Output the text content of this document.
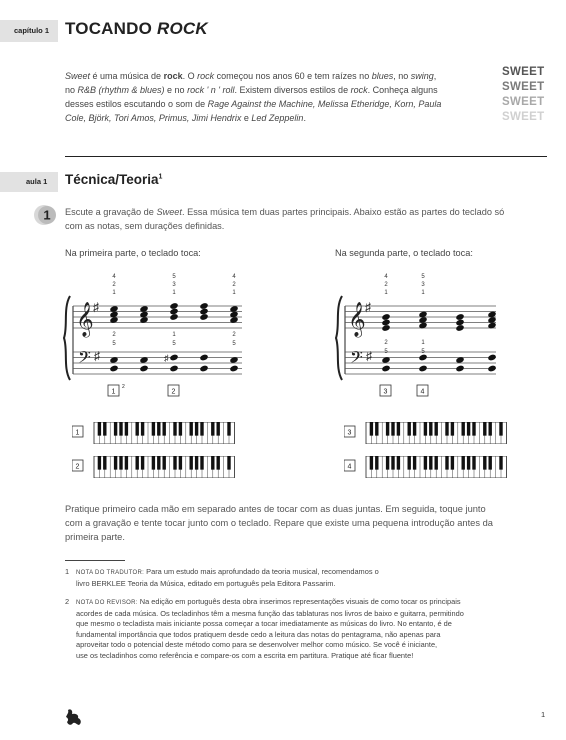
capítulo 1 TOCANDO ROCK
Sweet é uma música de rock. O rock começou nos anos 60 e tem raízes no blues, no swing,
no R&B (rhythm & blues) e no rock ' n ' roll. Existem diversos estilos de rock. Conheça alguns
desses estilos escutando o som de Rage Against the Machine, Melissa Etheridge, Korn, Paula
Cole, Björk, Tori Amos, Primus, Jimi Hendrix e Led Zeppelin.
SWEET
SWEET
SWEET
SWEET
aula 1 Técnica/Teoria$^1$
1 Escute a gravação de Sweet. Essa música tem duas partes principais. Abaixo estão as partes do teclado só
com as notas, sem durações definidas.
Na primeira parte, o teclado toca:	Na segunda parte, o teclado toca:
𝄞 ♯
𝄢 ♯
4
2
1
5
3
1
4
2
1
2
5
1
5
2
5
♯
1
2
2
𝄞 ♯
𝄢 ♯
4
2
1
5
3
1
2
5
1
5
3	4
1
2
3
4
Pratique primeiro cada mão em separado antes de tocar com as duas juntas. Em seguida, toque junto
com a gravação e tente tocar junto com o teclado. Repare que existe uma pequena introdução antes da
primeira parte.
1 NOTA DO TRADUTOR: Para um estudo mais aprofundado da teoria musical, recomendamos o
livro BERKLEE Teoria da Música, editado em português pela Editora Passarim.
2 NOTA DO REVISOR: Na edição em português desta obra inserimos representações visuais de como tocar os principais
acordes de cada música. Os tecladinhos têm a mesma função das tablaturas nos livros de baixo e guitarra, permitindo
que mesmo o tecladista mais iniciante possa começar a tocar imediatamente as músicas do livro. No entanto, é de
fundamental importância que todos pratiquem desde cedo a leitura das notas do pentagrama, não apenas para
aproveitar todo o potencial deste método como para se desenvolver melhor como músico. Se você é iniciante,
use os tecladinhos como referência e compare-os com a escrita em partitura. Pratique até ficar fluente!
1
